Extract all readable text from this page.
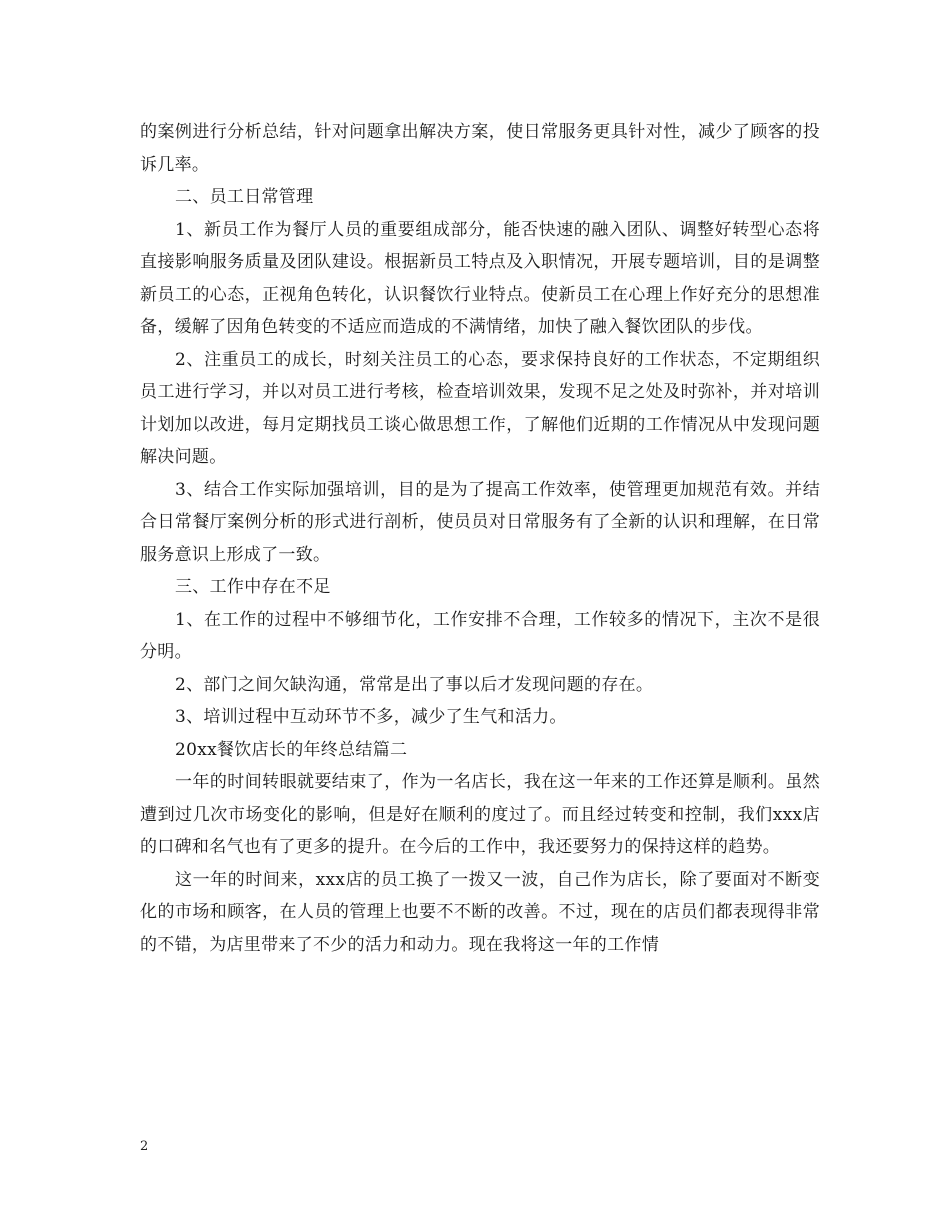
的案例进行分析总结，针对问题拿出解决方案，使日常服务更具针对性，减少了顾客的投诉几率。

二、员工日常管理

1、新员工作为餐厅人员的重要组成部分，能否快速的融入团队、调整好转型心态将直接影响服务质量及团队建设。根据新员工特点及入职情况，开展专题培训，目的是调整新员工的心态，正视角色转化，认识餐饮行业特点。使新员工在心理上作好充分的思想准备，缓解了因角色转变的不适应而造成的不满情绪，加快了融入餐饮团队的步伐。

2、注重员工的成长，时刻关注员工的心态，要求保持良好的工作状态，不定期组织员工进行学习，并以对员工进行考核，检查培训效果，发现不足之处及时弥补，并对培训计划加以改进，每月定期找员工谈心做思想工作，了解他们近期的工作情况从中发现问题解决问题。

3、结合工作实际加强培训，目的是为了提高工作效率，使管理更加规范有效。并结合日常餐厅案例分析的形式进行剖析，使员员对日常服务有了全新的认识和理解，在日常服务意识上形成了一致。

三、工作中存在不足

1、在工作的过程中不够细节化，工作安排不合理，工作较多的情况下，主次不是很分明。

2、部门之间欠缺沟通，常常是出了事以后才发现问题的存在。

3、培训过程中互动环节不多，减少了生气和活力。

20xx餐饮店长的年终总结篇二

一年的时间转眼就要结束了，作为一名店长，我在这一年来的工作还算是顺利。虽然遭到过几次市场变化的影响，但是好在顺利的度过了。而且经过转变和控制，我们xxx店的口碑和名气也有了更多的提升。在今后的工作中，我还要努力的保持这样的趋势。

这一年的时间来，xxx店的员工换了一拨又一波，自己作为店长，除了要面对不断变化的市场和顾客，在人员的管理上也要不不断的改善。不过，现在的店员们都表现得非常的不错，为店里带来了不少的活力和动力。现在我将这一年的工作情

2
